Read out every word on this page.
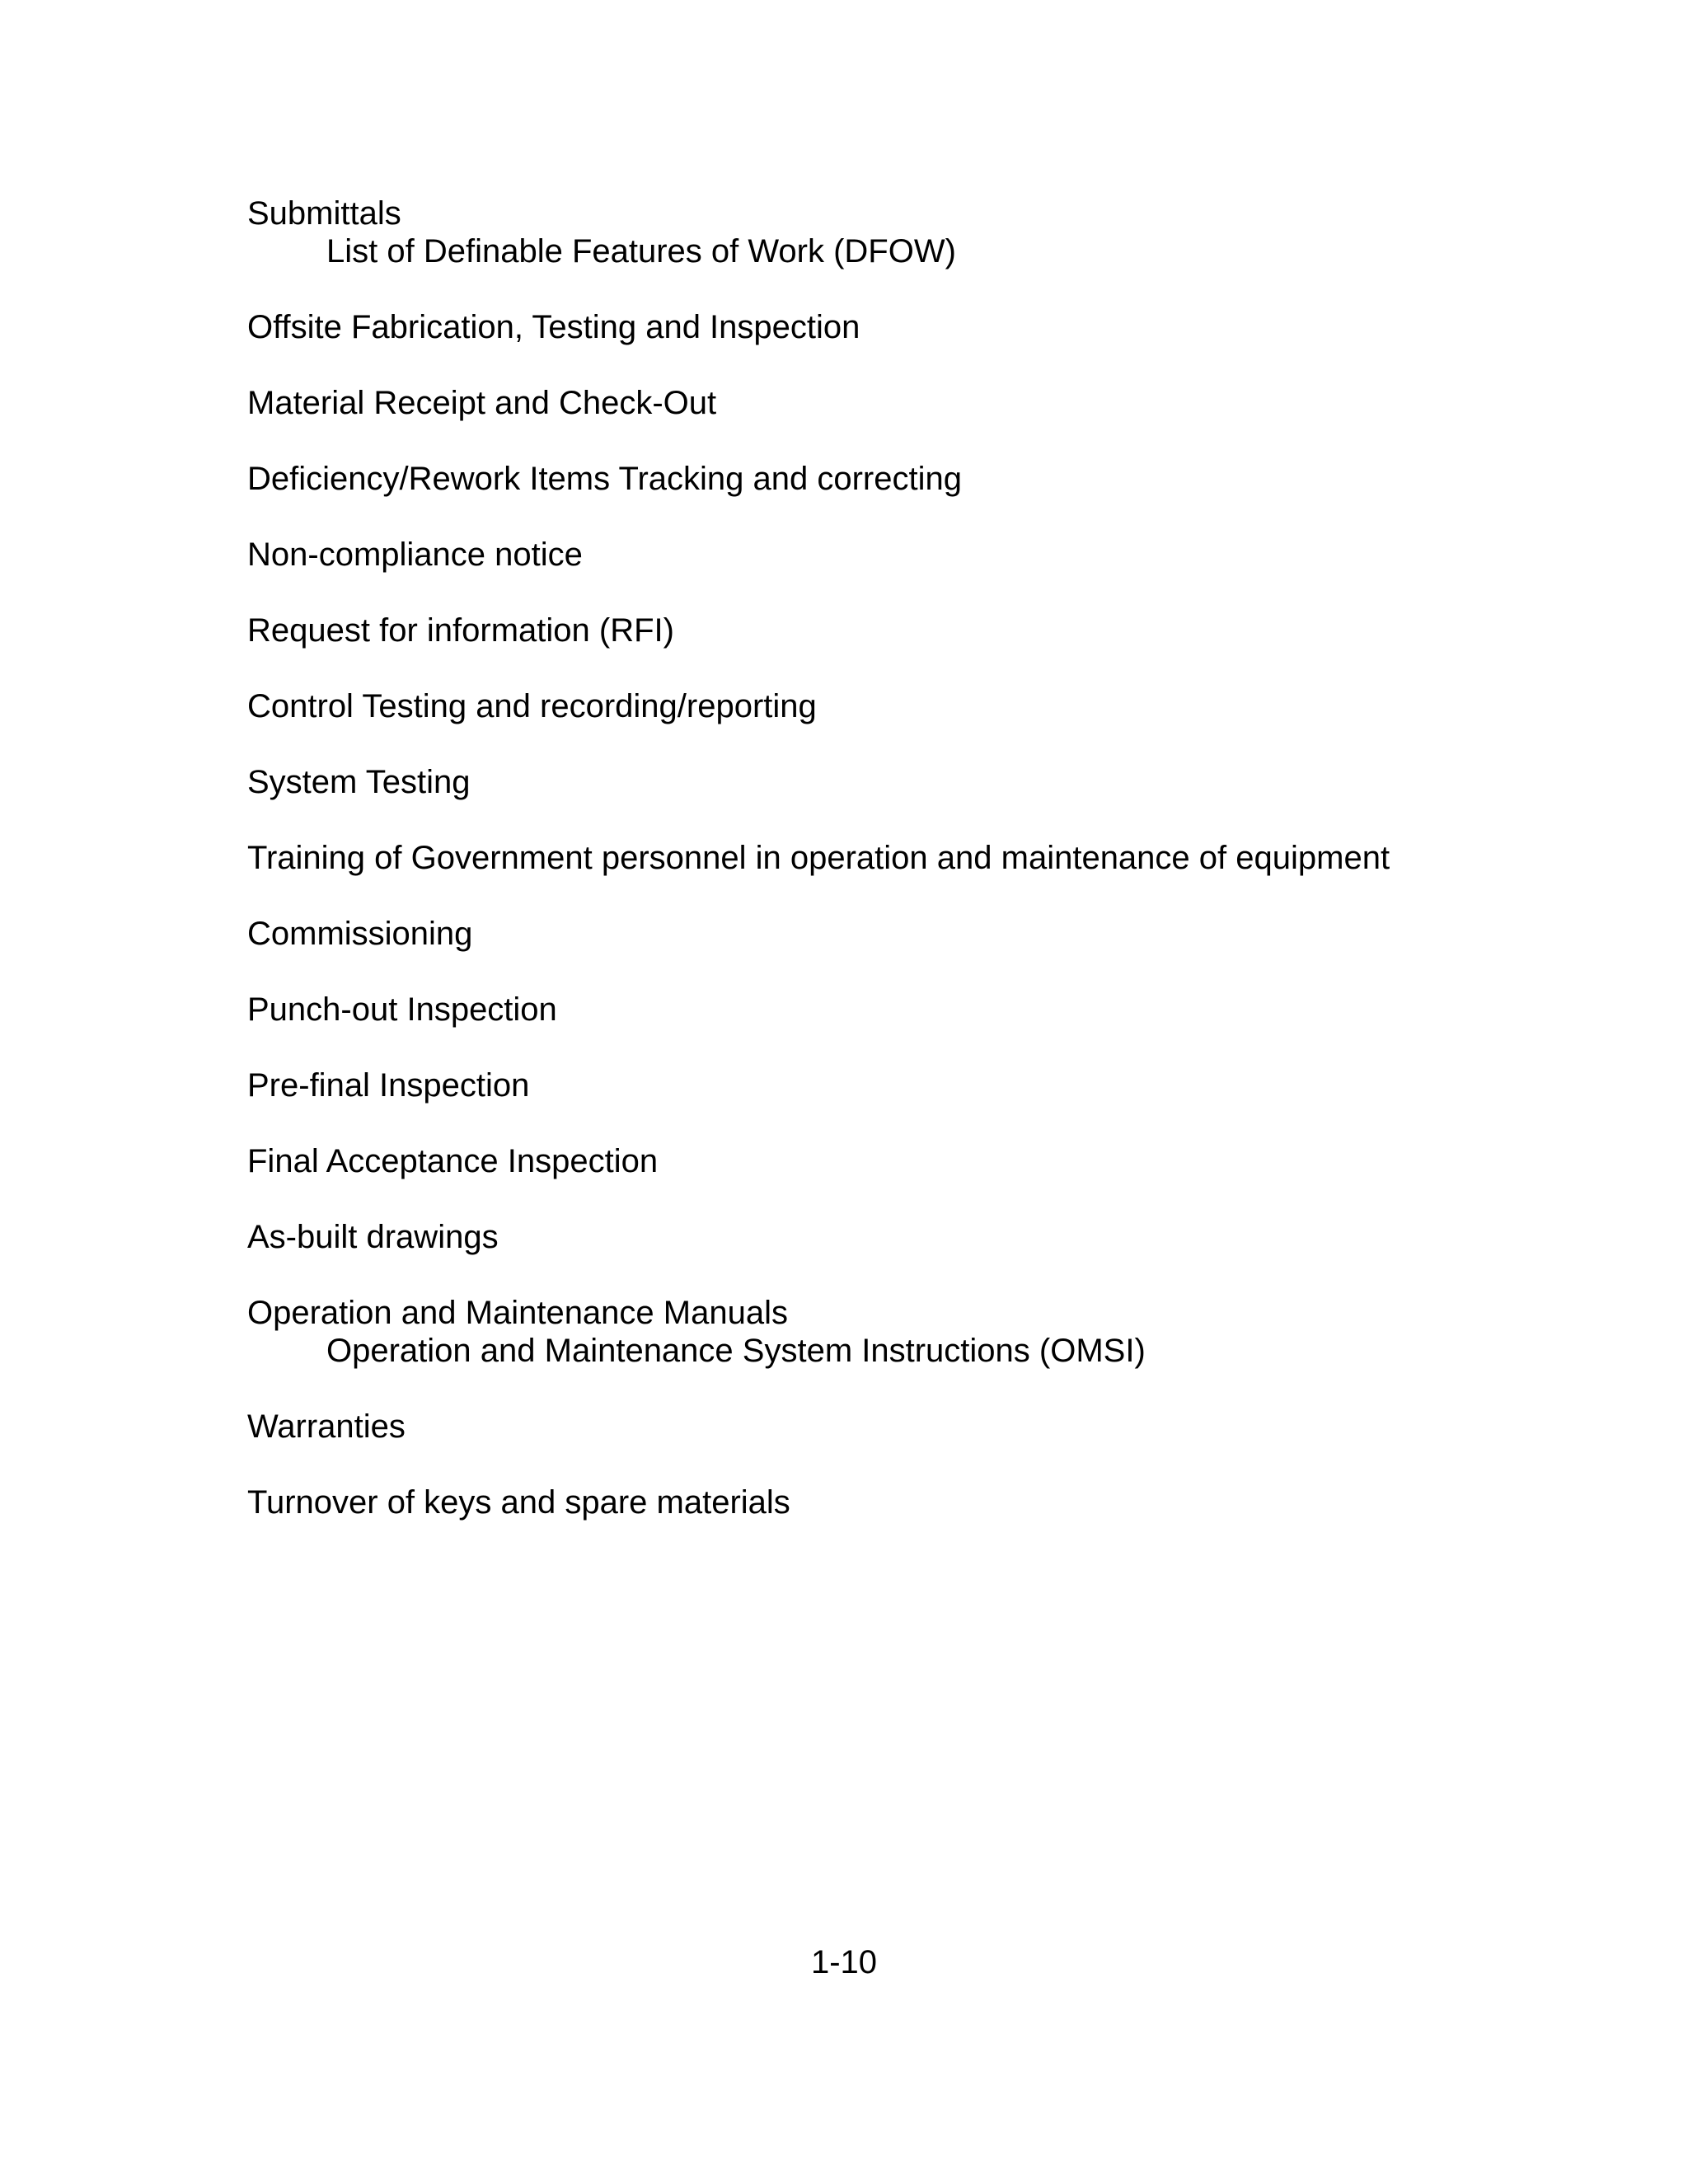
Submittals
List of Definable Features of Work (DFOW)
Offsite Fabrication, Testing and Inspection
Material Receipt and Check-Out
Deficiency/Rework Items Tracking and correcting
Non-compliance notice
Request for information (RFI)
Control Testing and recording/reporting
System Testing
Training of Government personnel in operation and maintenance of equipment
Commissioning
Punch-out Inspection
Pre-final Inspection
Final Acceptance Inspection
As-built drawings
Operation and Maintenance Manuals
Operation and Maintenance System Instructions (OMSI)
Warranties
Turnover of keys and spare materials
1-10
